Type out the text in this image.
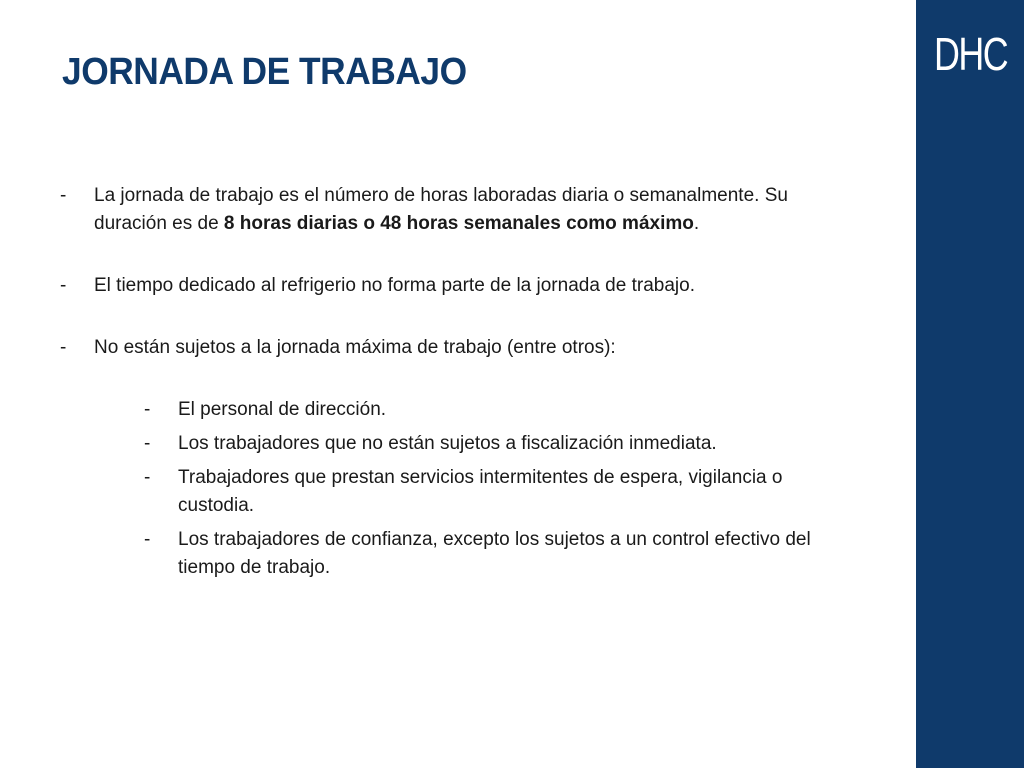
DHC
JORNADA DE TRABAJO
- La jornada de trabajo es el número de horas laboradas diaria o semanalmente. Su duración es de 8 horas diarias o 48 horas semanales como máximo.
- El tiempo dedicado al refrigerio no forma parte de la jornada de trabajo.
- No están sujetos a la jornada máxima de trabajo (entre otros):
- El personal de dirección.
- Los trabajadores que no están sujetos a fiscalización inmediata.
- Trabajadores que prestan servicios intermitentes de espera, vigilancia o custodia.
- Los trabajadores de confianza, excepto los sujetos a un control efectivo del tiempo de trabajo.
